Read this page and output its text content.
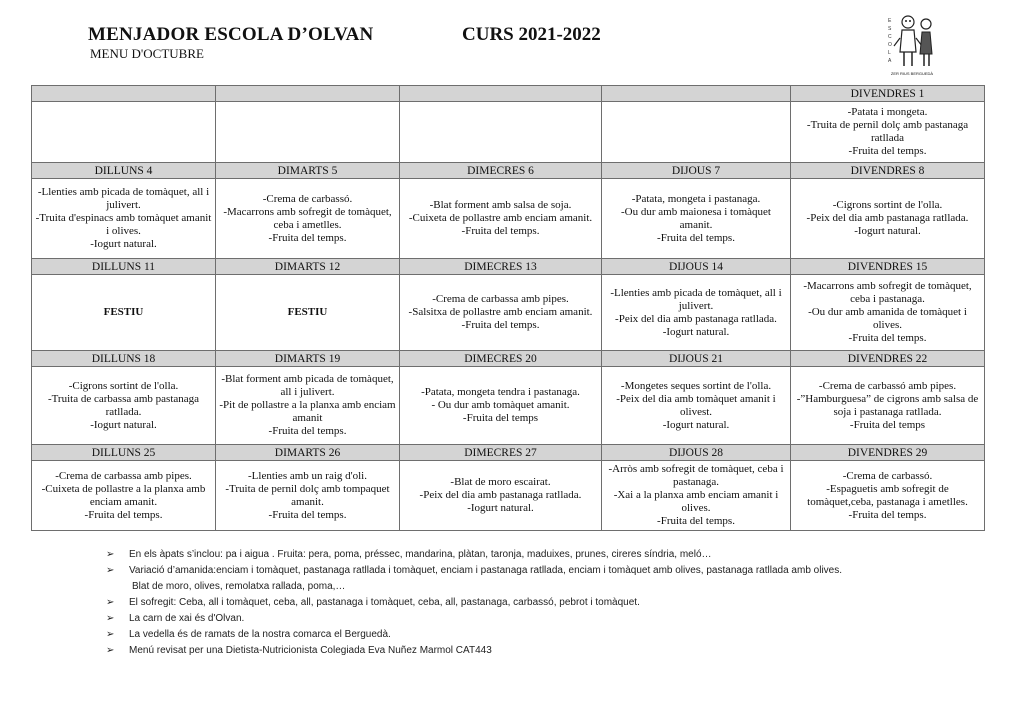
MENJADOR ESCOLA D’OLVAN	CURS 2021-2022
MENU D'OCTUBRE
E
S
C
O
L
A
ZER RIUS BERGUEDÀ
				DIVENDRES 1
				-Patata i mongeta.
-Truita de pernil dolç amb pastanaga ratllada
-Fruita del temps.
DILLUNS 4	DIMARTS 5	DIMECRES 6	DIJOUS 7	DIVENDRES 8
-Llenties amb picada de tomàquet, all i julivert.
-Truita d'espinacs amb tomàquet amanit i olives.
-Iogurt natural.	-Crema de carbassó.
-Macarrons amb sofregit de tomàquet, ceba i ametlles.
-Fruita del temps.	-Blat forment amb salsa de soja.
-Cuixeta de pollastre amb enciam amanit.
-Fruita del temps.	-Patata, mongeta i pastanaga.
-Ou dur amb maionesa i tomàquet amanit.
-Fruita del temps.	-Cigrons sortint de l'olla.
-Peix del dia amb pastanaga ratllada.
-Iogurt natural.
DILLUNS 11	DIMARTS 12	DIMECRES 13	DIJOUS 14	DIVENDRES 15
FESTIU	FESTIU	-Crema de carbassa amb pipes.
-Salsitxa de pollastre amb enciam amanit.
-Fruita del temps.	-Llenties amb picada de tomàquet, all i julivert.
-Peix del dia amb pastanaga ratllada.
-Iogurt natural.	-Macarrons amb sofregit de tomàquet, ceba i pastanaga.
-Ou dur amb amanida de tomàquet i olives.
-Fruita del temps.
DILLUNS 18	DIMARTS 19	DIMECRES 20	DIJOUS 21	DIVENDRES 22
-Cigrons sortint de l'olla.
-Truita de carbassa amb pastanaga ratllada.
-Iogurt natural.	-Blat forment amb picada de tomàquet, all i julivert.
-Pit de pollastre a la planxa amb enciam amanit
-Fruita del temps.	-Patata, mongeta tendra i pastanaga.
- Ou dur amb tomàquet amanit.
-Fruita del temps	-Mongetes seques sortint de l'olla.
-Peix del dia amb tomàquet amanit i olivest.
-Iogurt natural.	-Crema de carbassó amb pipes.
-”Hamburguesa” de cigrons amb salsa de soja i pastanaga ratllada.
-Fruita del temps
DILLUNS 25	DIMARTS 26	DIMECRES 27	DIJOUS 28	DIVENDRES 29
-Crema de carbassa amb pipes.
-Cuixeta de pollastre a la planxa amb enciam amanit.
-Fruita del temps.	-Llenties amb un raig d'oli.
-Truita de pernil dolç amb tompaquet amanit.
-Fruita del temps.	-Blat de moro escairat.
-Peix del dia amb pastanaga ratllada.
-Iogurt natural.	-Arròs amb sofregit de tomàquet, ceba i pastanaga.
-Xai a la planxa amb enciam amanit i olives.
-Fruita del temps.	-Crema de carbassó.
-Espaguetis amb sofregit de tomàquet,ceba, pastanaga i ametlles.
-Fruita del temps.
➢ En els àpats s’inclou: pa i aigua . Fruita: pera, poma, préssec, mandarina, plàtan, taronja, maduixes, prunes, cireres síndria, meló…
➢ Variació d’amanida:enciam i tomàquet, pastanaga ratllada i tomàquet, enciam i pastanaga ratllada, enciam i tomàquet amb olives, pastanaga ratllada amb olives.
Blat de moro, olives, remolatxa rallada, poma,…
➢ El sofregit: Ceba, all i tomàquet, ceba, all, pastanaga i tomàquet, ceba, all, pastanaga, carbassó, pebrot i tomàquet.
➢ La carn de xai és d'Olvan.
➢ La vedella és de ramats de la nostra comarca el Berguedà.
➢ Menú revisat per una Dietista-Nutricionista Colegiada Eva Nuñez Marmol CAT443
